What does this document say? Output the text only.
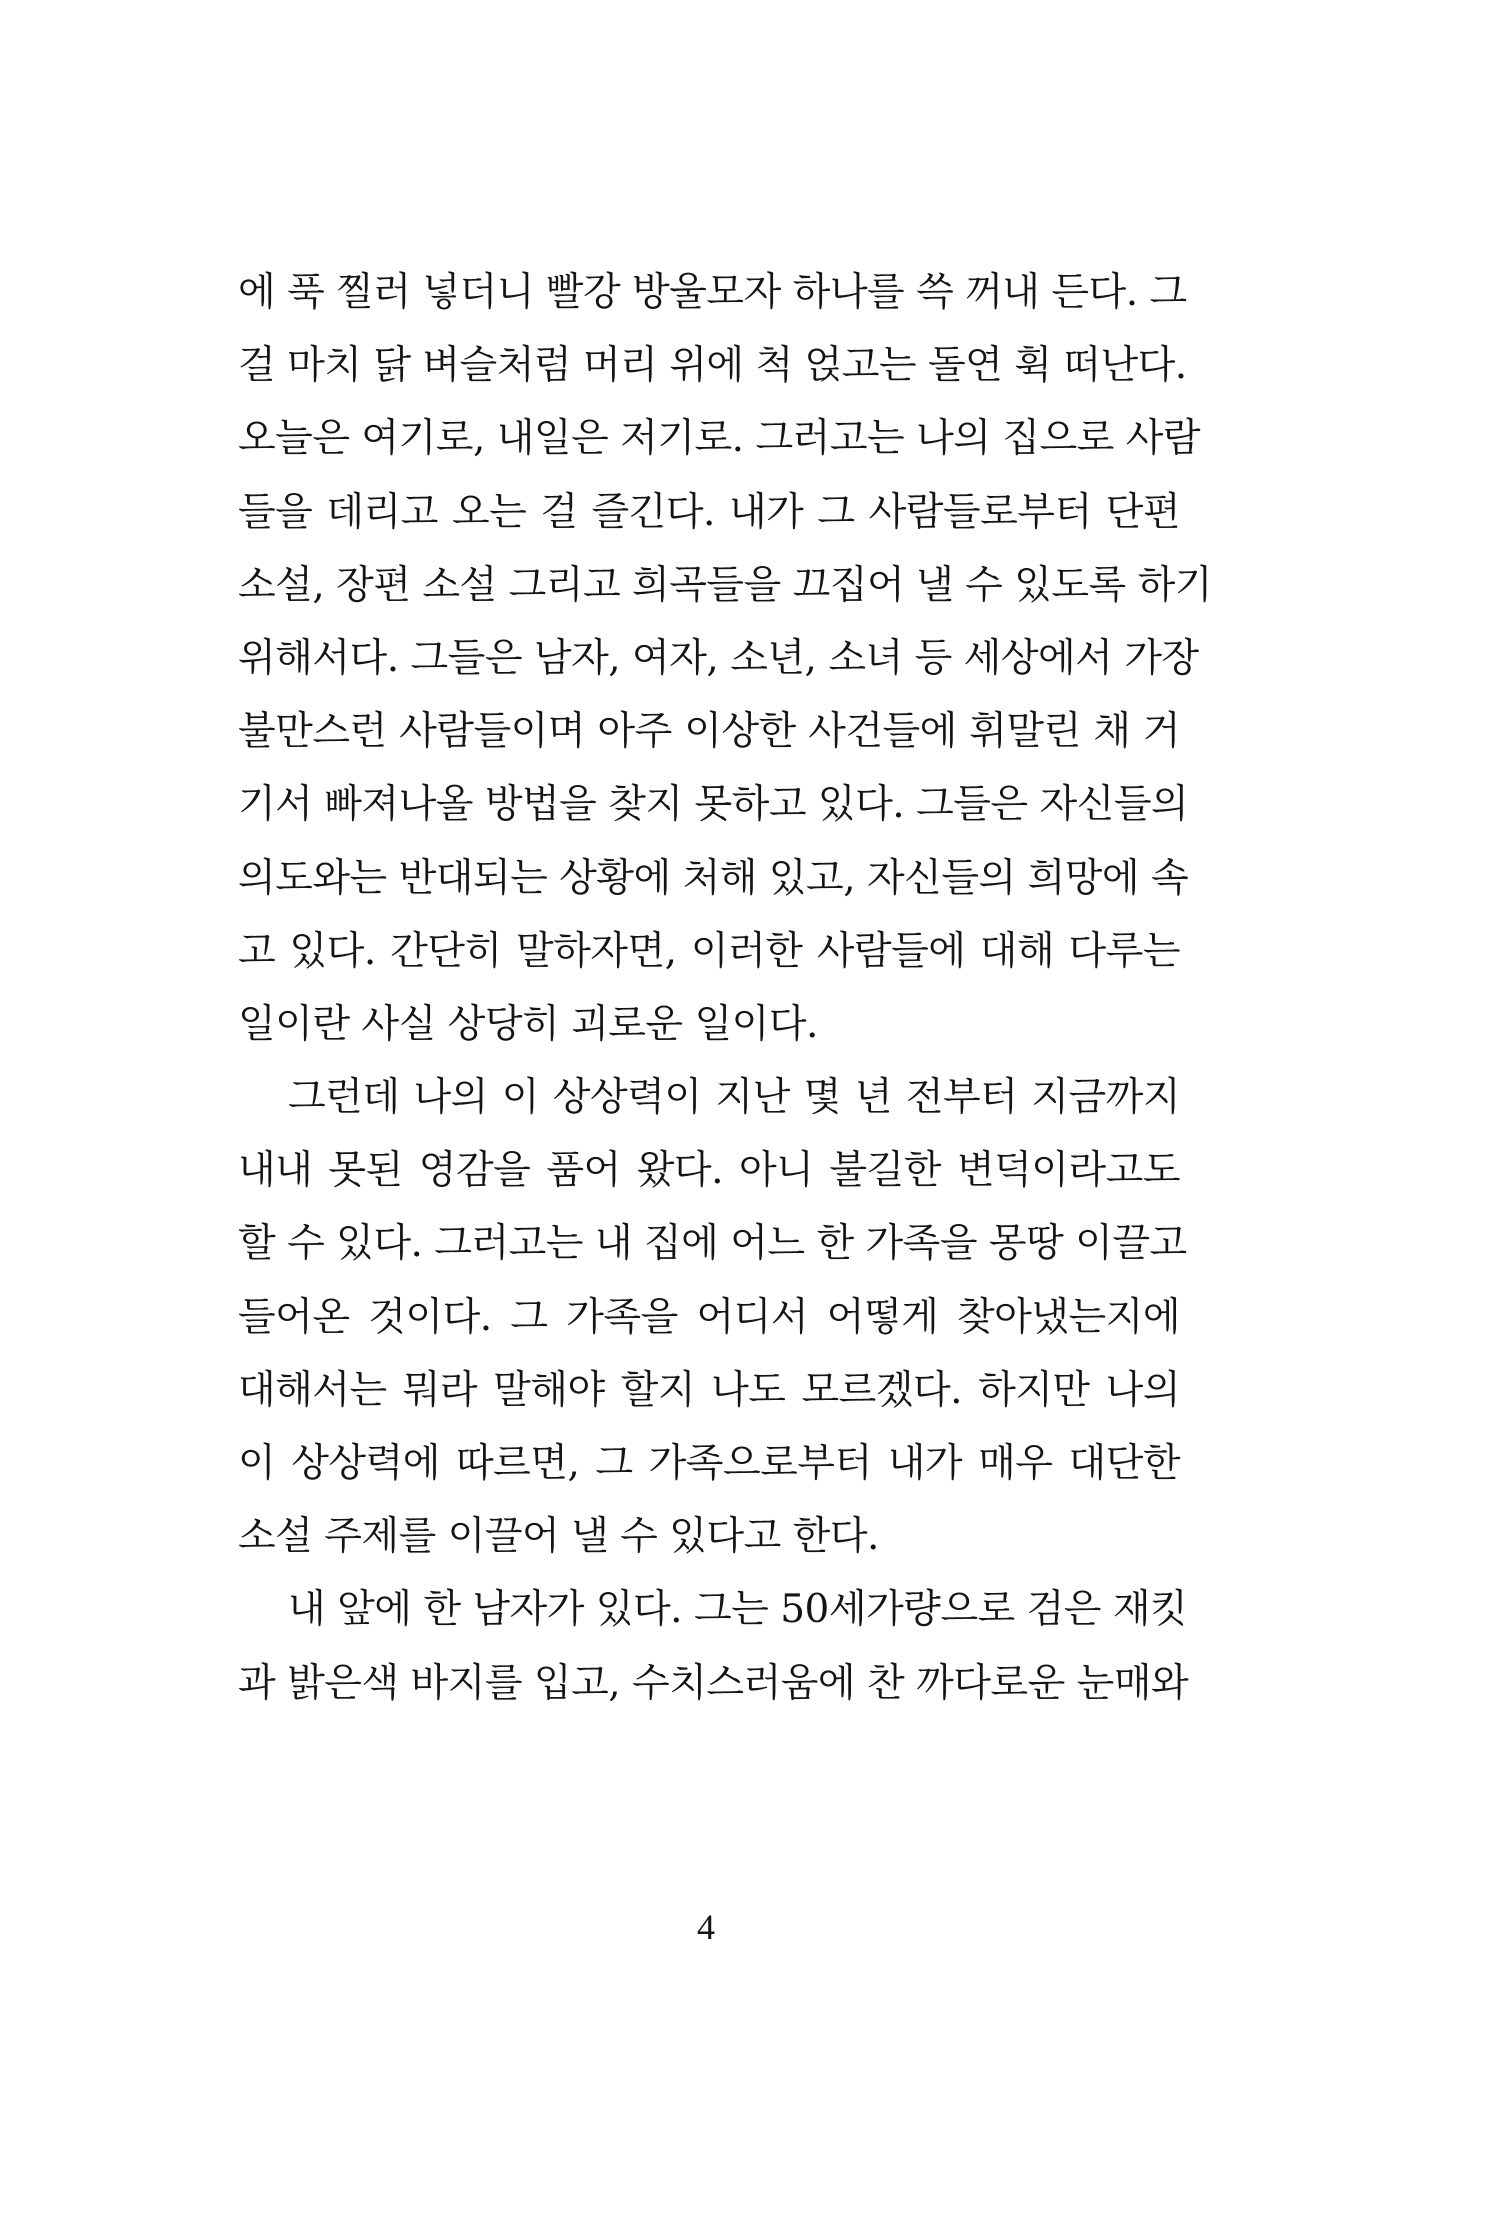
에 푹 찔러 넣더니 빨강 방울모자 하나를 쓱 꺼내 든다. 그
걸 마치 닭 벼슬처럼 머리 위에 척 얹고는 돌연 휙 떠난다.
오늘은 여기로, 내일은 저기로. 그러고는 나의 집으로 사람
들을 데리고 오는 걸 즐긴다. 내가 그 사람들로부터 단편
소설, 장편 소설 그리고 희곡들을 끄집어 낼 수 있도록 하기
위해서다. 그들은 남자, 여자, 소년, 소녀 등 세상에서 가장
불만스런 사람들이며 아주 이상한 사건들에 휘말린 채 거
기서 빠져나올 방법을 찾지 못하고 있다. 그들은 자신들의
의도와는 반대되는 상황에 처해 있고, 자신들의 희망에 속
고 있다. 간단히 말하자면, 이러한 사람들에 대해 다루는
일이란 사실 상당히 괴로운 일이다.
그런데 나의 이 상상력이 지난 몇 년 전부터 지금까지
내내 못된 영감을 품어 왔다. 아니 불길한 변덕이라고도
할 수 있다. 그러고는 내 집에 어느 한 가족을 몽땅 이끌고
들어온 것이다. 그 가족을 어디서 어떻게 찾아냈는지에
대해서는 뭐라 말해야 할지 나도 모르겠다. 하지만 나의
이 상상력에 따르면, 그 가족으로부터 내가 매우 대단한
소설 주제를 이끌어 낼 수 있다고 한다.
내 앞에 한 남자가 있다. 그는 50세가량으로 검은 재킷
과 밝은색 바지를 입고, 수치스러움에 찬 까다로운 눈매와
4
